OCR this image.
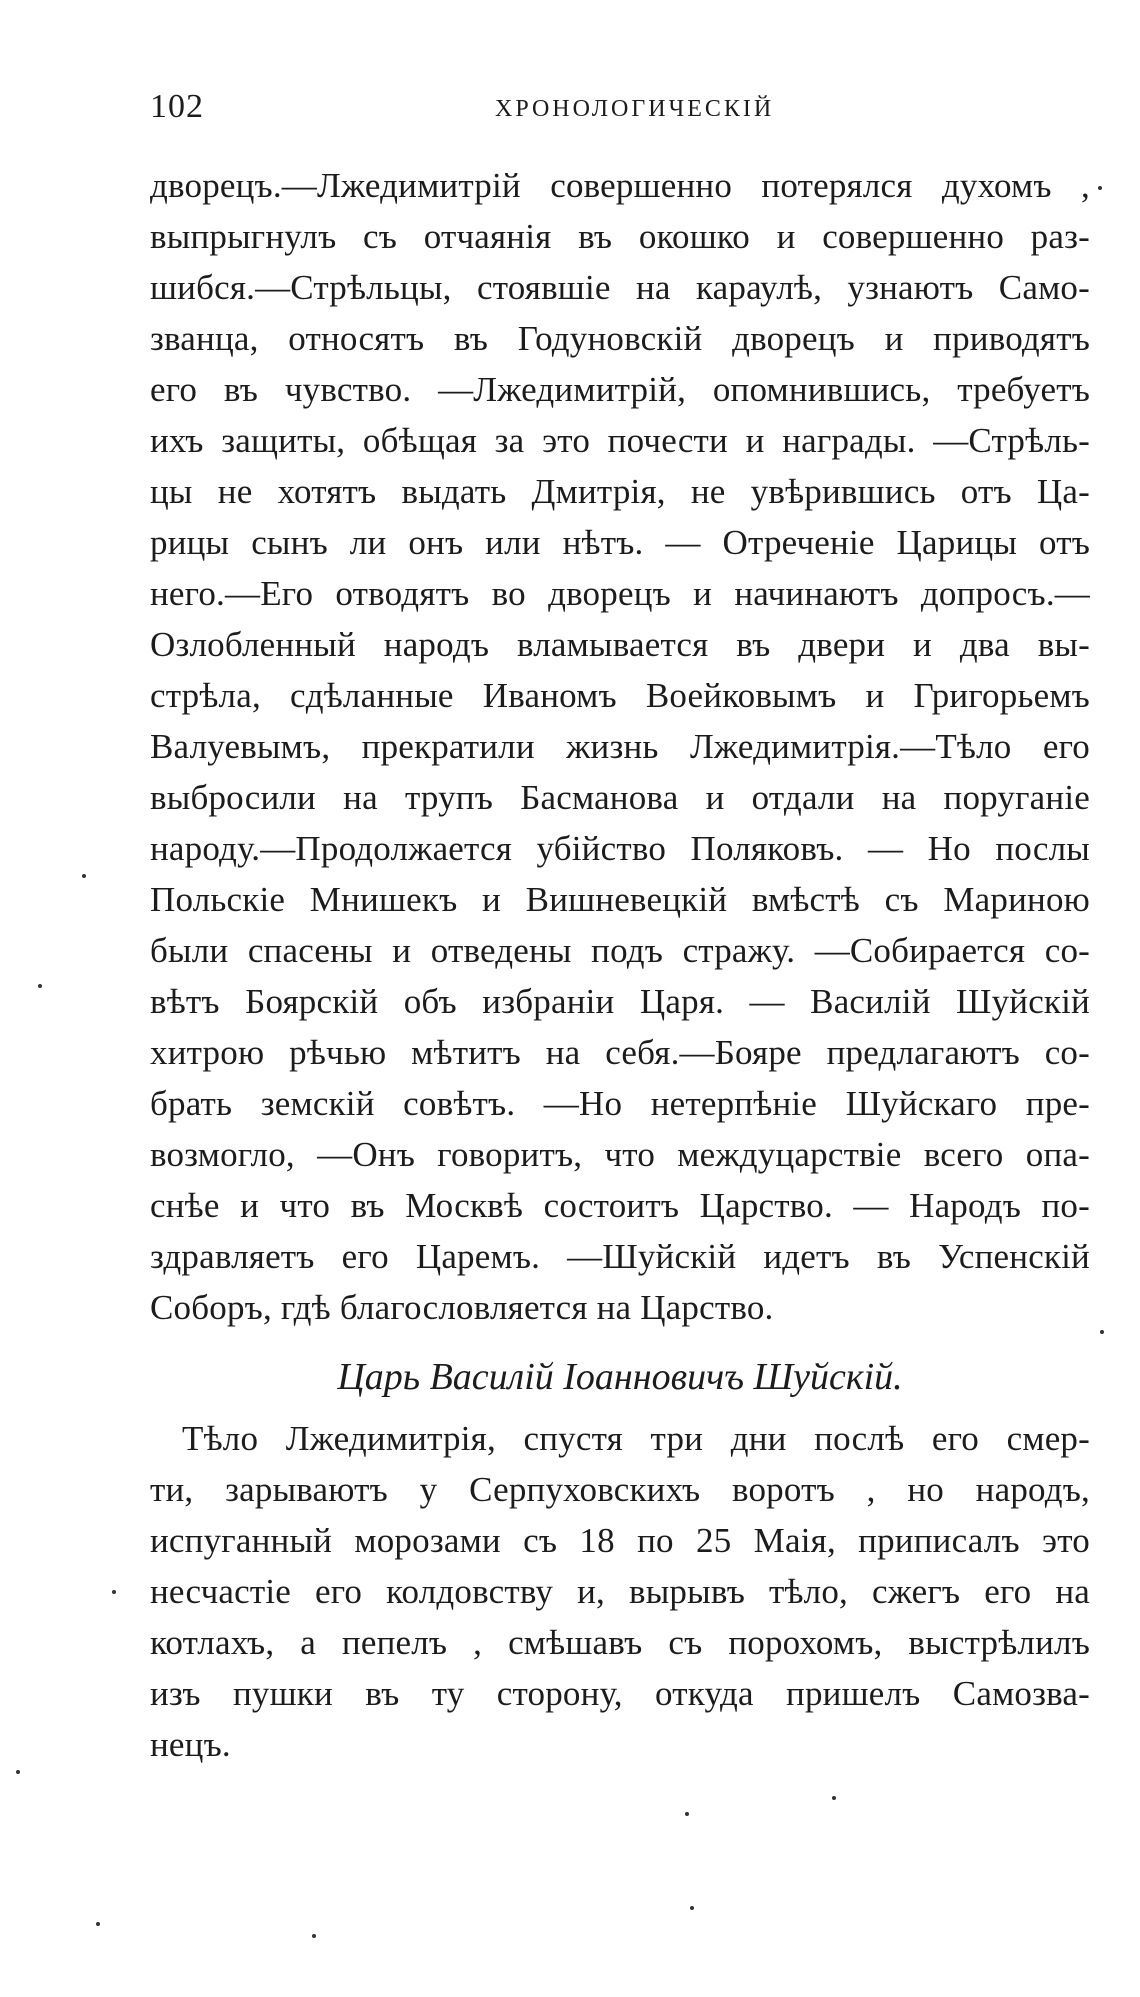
102	ХРОНОЛОГИЧЕСКІЙ
дворецъ.—Лжедимитрій совершенно потерялся духомъ ,
выпрыгнулъ съ отчаянія въ окошко и совершенно раз-
шибся.—Стрѣльцы, стоявшіе на караулѣ, узнаютъ Само-
званца, относятъ въ Годуновскій дворецъ и приводятъ
его въ чувство. —Лжедимитрій, опомнившись, требуетъ
ихъ защиты, обѣщая за это почести и награды. —Стрѣль-
цы не хотятъ выдать Дмитрія, не увѣрившись отъ Ца-
рицы сынъ ли онъ или нѣтъ. — Отреченіе Царицы отъ
него.—Его отводятъ во дворецъ и начинаютъ допросъ.—
Озлобленный народъ вламывается въ двери и два вы-
стрѣла, сдѣланные Иваномъ Воейковымъ и Григорьемъ
Валуевымъ, прекратили жизнь Лжедимитрія.—Тѣло его
выбросили на трупъ Басманова и отдали на поруганіе
народу.—Продолжается убійство Поляковъ. — Но послы
Польскіе Мнишекъ и Вишневецкій вмѣстѣ съ Мариною
были спасены и отведены подъ стражу. —Собирается со-
вѣтъ Боярскій объ избраніи Царя. — Василій Шуйскій
хитрою рѣчью мѣтитъ на себя.—Бояре предлагаютъ со-
брать земскій совѣтъ. —Но нетерпѣніе Шуйскаго пре-
возмогло, —Онъ говоритъ, что междуцарствіе всего опа-
снѣе и что въ Москвѣ состоитъ Царство. — Народъ по-
здравляетъ его Царемъ. —Шуйскій идетъ въ Успенскій
Соборъ, гдѣ благословляется на Царство.
Царь Василій Іоанновичъ Шуйскій.
Тѣло Лжедимитрія, спустя три дни послѣ его смер-
ти, зарываютъ у Серпуховскихъ воротъ , но народъ,
испуганный морозами съ 18 по 25 Маія, приписалъ это
несчастіе его колдовству и, вырывъ тѣло, сжегъ его на
котлахъ, а пепелъ , смѣшавъ съ порохомъ, выстрѣлилъ
изъ пушки въ ту сторону, откуда пришелъ Самозва-
нецъ.
